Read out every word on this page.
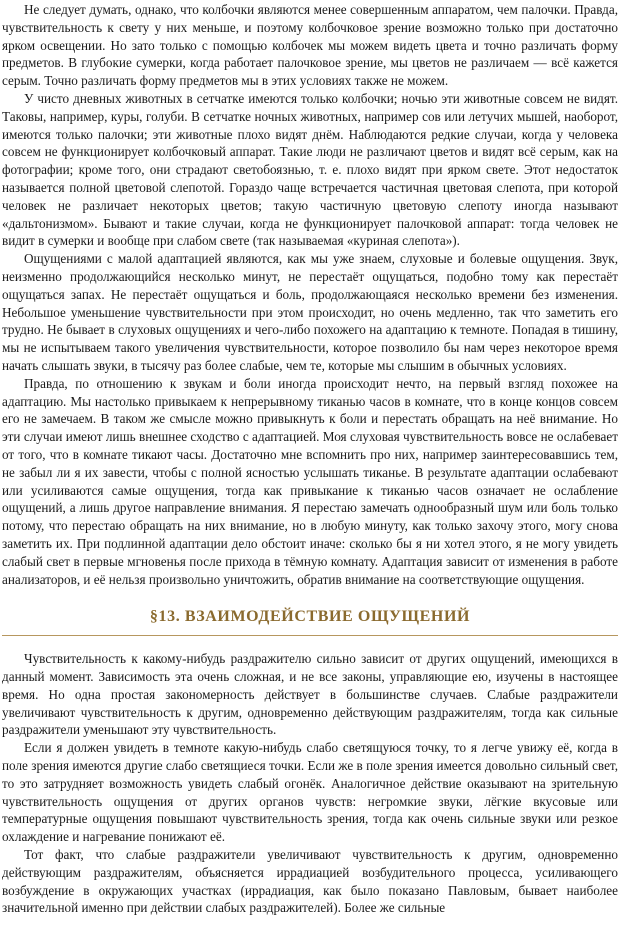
Не следует думать, однако, что колбочки являются менее совершенным аппаратом, чем палочки. Правда, чувствительность к свету у них меньше, и поэтому колбочковое зрение возможно только при достаточно ярком освещении. Но зато только с помощью колбочек мы можем видеть цвета и точно различать форму предметов. В глубокие сумерки, когда работает палочковое зрение, мы цветов не различаем — всё кажется серым. Точно различать форму предметов мы в этих условиях также не можем.

У чисто дневных животных в сетчатке имеются только колбочки; ночью эти животные совсем не видят. Таковы, например, куры, голуби. В сетчатке ночных животных, например сов или летучих мышей, наоборот, имеются только палочки; эти животные плохо видят днём. Наблюдаются редкие случаи, когда у человека совсем не функционирует колбочковый аппарат. Такие люди не различают цветов и видят всё серым, как на фотографии; кроме того, они страдают светобоязнью, т. е. плохо видят при ярком свете. Этот недостаток называется полной цветовой слепотой. Гораздо чаще встречается частичная цветовая слепота, при которой человек не различает некоторых цветов; такую частичную цветовую слепоту иногда называют «дальтонизмом». Бывают и такие случаи, когда не функционирует палочковой аппарат: тогда человек не видит в сумерки и вообще при слабом свете (так называемая «куриная слепота»).

Ощущениями с малой адаптацией являются, как мы уже знаем, слуховые и болевые ощущения. Звук, неизменно продолжающийся несколько минут, не перестаёт ощущаться, подобно тому как перестаёт ощущаться запах. Не перестаёт ощущаться и боль, продолжающаяся несколько времени без изменения. Небольшое уменьшение чувствительности при этом происходит, но очень медленно, так что заметить его трудно. Не бывает в слуховых ощущениях и чего-либо похожего на адаптацию к темноте. Попадая в тишину, мы не испытываем такого увеличения чувствительности, которое позволило бы нам через некоторое время начать слышать звуки, в тысячу раз более слабые, чем те, которые мы слышим в обычных условиях.

Правда, по отношению к звукам и боли иногда происходит нечто, на первый взгляд похожее на адаптацию. Мы настолько привыкаем к непрерывному тиканью часов в комнате, что в конце концов совсем его не замечаем. В таком же смысле можно привыкнуть к боли и перестать обращать на неё внимание. Но эти случаи имеют лишь внешнее сходство с адаптацией. Моя слуховая чувствительность вовсе не ослабевает от того, что в комнате тикают часы. Достаточно мне вспомнить про них, например заинтересовавшись тем, не забыл ли я их завести, чтобы с полной ясностью услышать тиканье. В результате адаптации ослабевают или усиливаются самые ощущения, тогда как привыкание к тиканью часов означает не ослабление ощущений, а лишь другое направление внимания. Я перестаю замечать однообразный шум или боль только потому, что перестаю обращать на них внимание, но в любую минуту, как только захочу этого, могу снова заметить их. При подлинной адаптации дело обстоит иначе: сколько бы я ни хотел этого, я не могу увидеть слабый свет в первые мгновенья после прихода в тёмную комнату. Адаптация зависит от изменения в работе анализаторов, и её нельзя произвольно уничтожить, обратив внимание на соответствующие ощущения.

§13. ВЗАИМОДЕЙСТВИЕ ОЩУЩЕНИЙ

Чувствительность к какому-нибудь раздражителю сильно зависит от других ощущений, имеющихся в данный момент. Зависимость эта очень сложная, и не все законы, управляющие ею, изучены в настоящее время. Но одна простая закономерность действует в большинстве случаев. Слабые раздражители увеличивают чувствительность к другим, одновременно действующим раздражителям, тогда как сильные раздражители уменьшают эту чувствительность.

Если я должен увидеть в темноте какую-нибудь слабо светящуюся точку, то я легче увижу её, когда в поле зрения имеются другие слабо светящиеся точки. Если же в поле зрения имеется довольно сильный свет, то это затрудняет возможность увидеть слабый огонёк. Аналогичное действие оказывают на зрительную чувствительность ощущения от других органов чувств: негромкие звуки, лёгкие вкусовые или температурные ощущения повышают чувствительность зрения, тогда как очень сильные звуки или резкое охлаждение и нагревание понижают её.

Тот факт, что слабые раздражители увеличивают чувствительность к другим, одновременно действующим раздражителям, объясняется иррадиацией возбудительного процесса, усиливающего возбуждение в окружающих участках (иррадиация, как было показано Павловым, бывает наиболее значительной именно при действии слабых раздражителей). Более же сильные
